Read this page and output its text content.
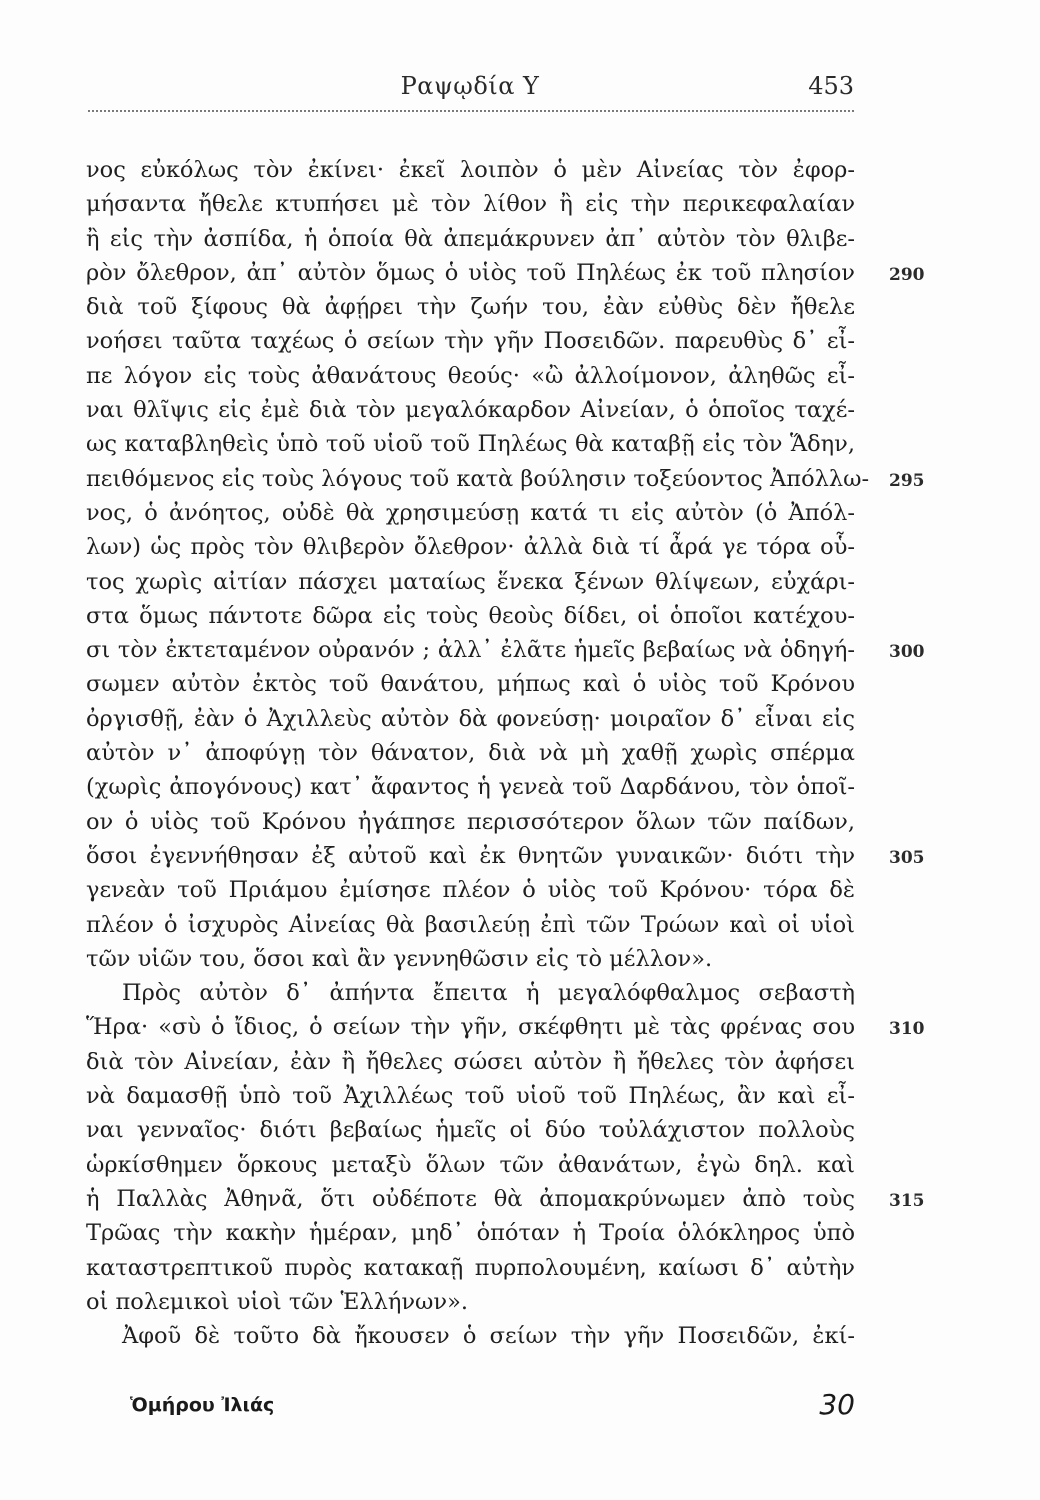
Ραψῳδία Υ	453
νος εὐκόλως τὸν ἐκίνει· ἐκεῖ λοιπὸν ὁ μὲν Αἰνείας τὸν ἐφορ-
μήσαντα ἤθελε κτυπήσει μὲ τὸν λίθον ἢ εἰς τὴν περικεφαλαίαν
ἢ εἰς τὴν ἀσπίδα, ἡ ὁποία θὰ ἀπεμάκρυνεν ἀπ᾽ αὐτὸν τὸν θλιβε-
ρὸν ὄλεθρον, ἀπ᾽ αὐτὸν ὅμως ὁ υἱὸς τοῦ Πηλέως ἐκ τοῦ πλησίον 290
διὰ τοῦ ξίφους θὰ ἀφῄρει τὴν ζωήν του, ἐὰν εὐθὺς δὲν ἤθελε
νοήσει ταῦτα ταχέως ὁ σείων τὴν γῆν Ποσειδῶν. παρευθὺς δ᾽ εἶ-
πε λόγον εἰς τοὺς ἀθανάτους θεούς· «ὢ ἀλλοίμονον, ἀληθῶς εἶ-
ναι θλῖψις εἰς ἐμὲ διὰ τὸν μεγαλόκαρδον Αἰνείαν, ὁ ὁποῖος ταχέ-
ως καταβληθεὶς ὑπὸ τοῦ υἱοῦ τοῦ Πηλέως θὰ καταβῇ εἰς τὸν Ἅδην,
πειθόμενος εἰς τοὺς λόγους τοῦ κατὰ βούλησιν τοξεύοντος Ἀπόλλω- 295
νος, ὁ ἀνόητος, οὐδὲ θὰ χρησιμεύσῃ κατά τι εἰς αὐτὸν (ὁ Ἀπόλ-
λων) ὡς πρὸς τὸν θλιβερὸν ὄλεθρον· ἀλλὰ διὰ τί ἆρά γε τόρα οὗ-
τος χωρὶς αἰτίαν πάσχει ματαίως ἕνεκα ξένων θλίψεων, εὐχάρι-
στα ὅμως πάντοτε δῶρα εἰς τοὺς θεοὺς δίδει, οἱ ὁποῖοι κατέχου-
σι τὸν ἐκτεταμένον οὐρανόν ; ἀλλ᾽ ἐλᾶτε ἡμεῖς βεβαίως νὰ ὁδηγή- 300
σωμεν αὐτὸν ἐκτὸς τοῦ θανάτου, μήπως καὶ ὁ υἱὸς τοῦ Κρόνου
ὀργισθῇ, ἐὰν ὁ Ἀχιλλεὺς αὐτὸν δὰ φονεύσῃ· μοιραῖον δ᾽ εἶναι εἰς
αὐτὸν ν᾽ ἀποφύγῃ τὸν θάνατον, διὰ νὰ μὴ χαθῇ χωρὶς σπέρμα
(χωρὶς ἀπογόνους) κατ᾽ ἄφαντος ἡ γενεὰ τοῦ Δαρδάνου, τὸν ὁποῖ-
ον ὁ υἱὸς τοῦ Κρόνου ἠγάπησε περισσότερον ὅλων τῶν παίδων,
ὅσοι ἐγεννήθησαν ἐξ αὐτοῦ καὶ ἐκ θνητῶν γυναικῶν· διότι τὴν 305
γενεὰν τοῦ Πριάμου ἐμίσησε πλέον ὁ υἱὸς τοῦ Κρόνου· τόρα δὲ
πλέον ὁ ἰσχυρὸς Αἰνείας θὰ βασιλεύῃ ἐπὶ τῶν Τρώων καὶ οἱ υἱοὶ
τῶν υἱῶν του, ὅσοι καὶ ἂν γεννηθῶσιν εἰς τὸ μέλλον».
Πρὸς αὐτὸν δ᾽ ἀπήντα ἔπειτα ἡ μεγαλόφθαλμος σεβαστὴ
Ἥρα· «σὺ ὁ ἴδιος, ὁ σείων τὴν γῆν, σκέφθητι μὲ τὰς φρένας σου 310
διὰ τὸν Αἰνείαν, ἐὰν ἢ ἤθελες σώσει αὐτὸν ἢ ἤθελες τὸν ἀφήσει
νὰ δαμασθῇ ὑπὸ τοῦ Ἀχιλλέως τοῦ υἱοῦ τοῦ Πηλέως, ἂν καὶ εἶ-
ναι γενναῖος· διότι βεβαίως ἡμεῖς οἱ δύο τοὐλάχιστον πολλοὺς
ὡρκίσθημεν ὅρκους μεταξὺ ὅλων τῶν ἀθανάτων, ἐγὼ δηλ. καὶ
ἡ Παλλὰς Ἀθηνᾶ, ὅτι οὐδέποτε θὰ ἀπομακρύνωμεν ἀπὸ τοὺς 315
Τρῶας τὴν κακὴν ἡμέραν, μηδ᾽ ὁπόταν ἡ Τροία ὁλόκληρος ὑπὸ
καταστρεπτικοῦ πυρὸς κατακαῇ πυρπολουμένη, καίωσι δ᾽ αὐτὴν
οἱ πολεμικοὶ υἱοὶ τῶν Ἑλλήνων».
Ἀφοῦ δὲ τοῦτο δὰ ἤκουσεν ὁ σείων τὴν γῆν Ποσειδῶν, ἐκί-
Ὁμήρου Ἰλιάς	30
